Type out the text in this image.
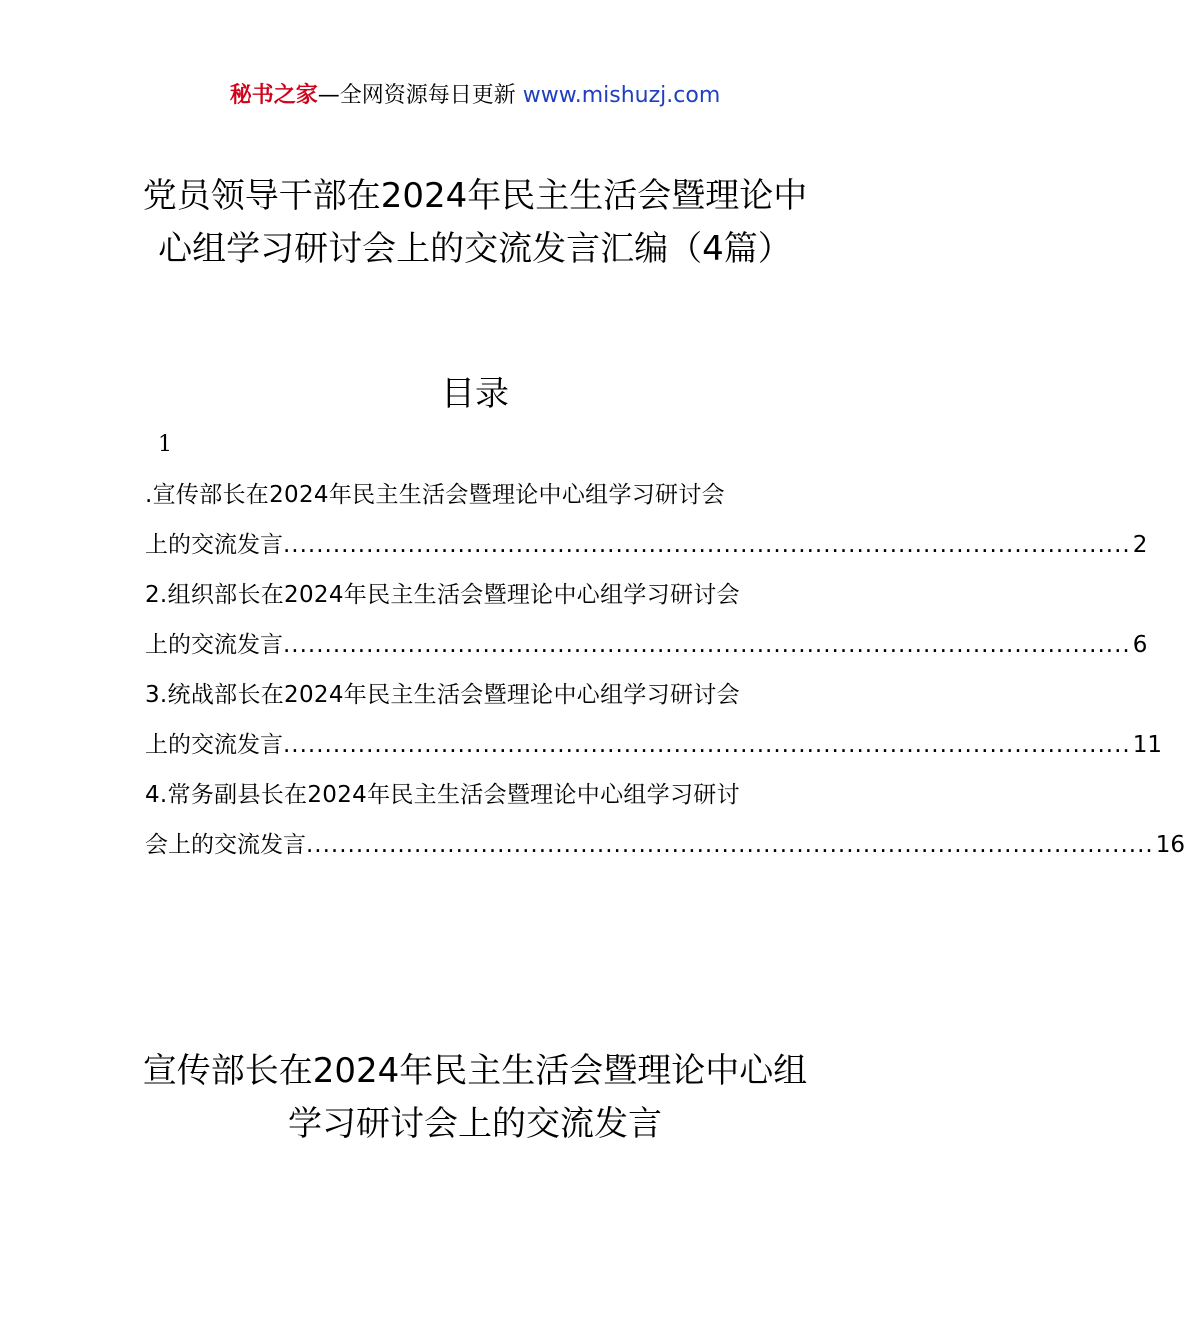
秘书之家—全网资源每日更新 www.mishuzj.com
党员领导干部在2024年民主生活会暨理论中心组学习研讨会上的交流发言汇编（4篇）
目录
1
.宣传部长在2024年民主生活会暨理论中心组学习研讨会
上的交流发言 ...................................................................................................... 2
2.组织部长在2024年民主生活会暨理论中心组学习研讨会
上的交流发言 ...................................................................................................... 6
3.统战部长在2024年民主生活会暨理论中心组学习研讨会
上的交流发言 ...................................................................................................... 11
4.常务副县长在2024年民主生活会暨理论中心组学习研讨
会上的交流发言 ...................................................................................................... 16
宣传部长在2024年民主生活会暨理论中心组学习研讨会上的交流发言
